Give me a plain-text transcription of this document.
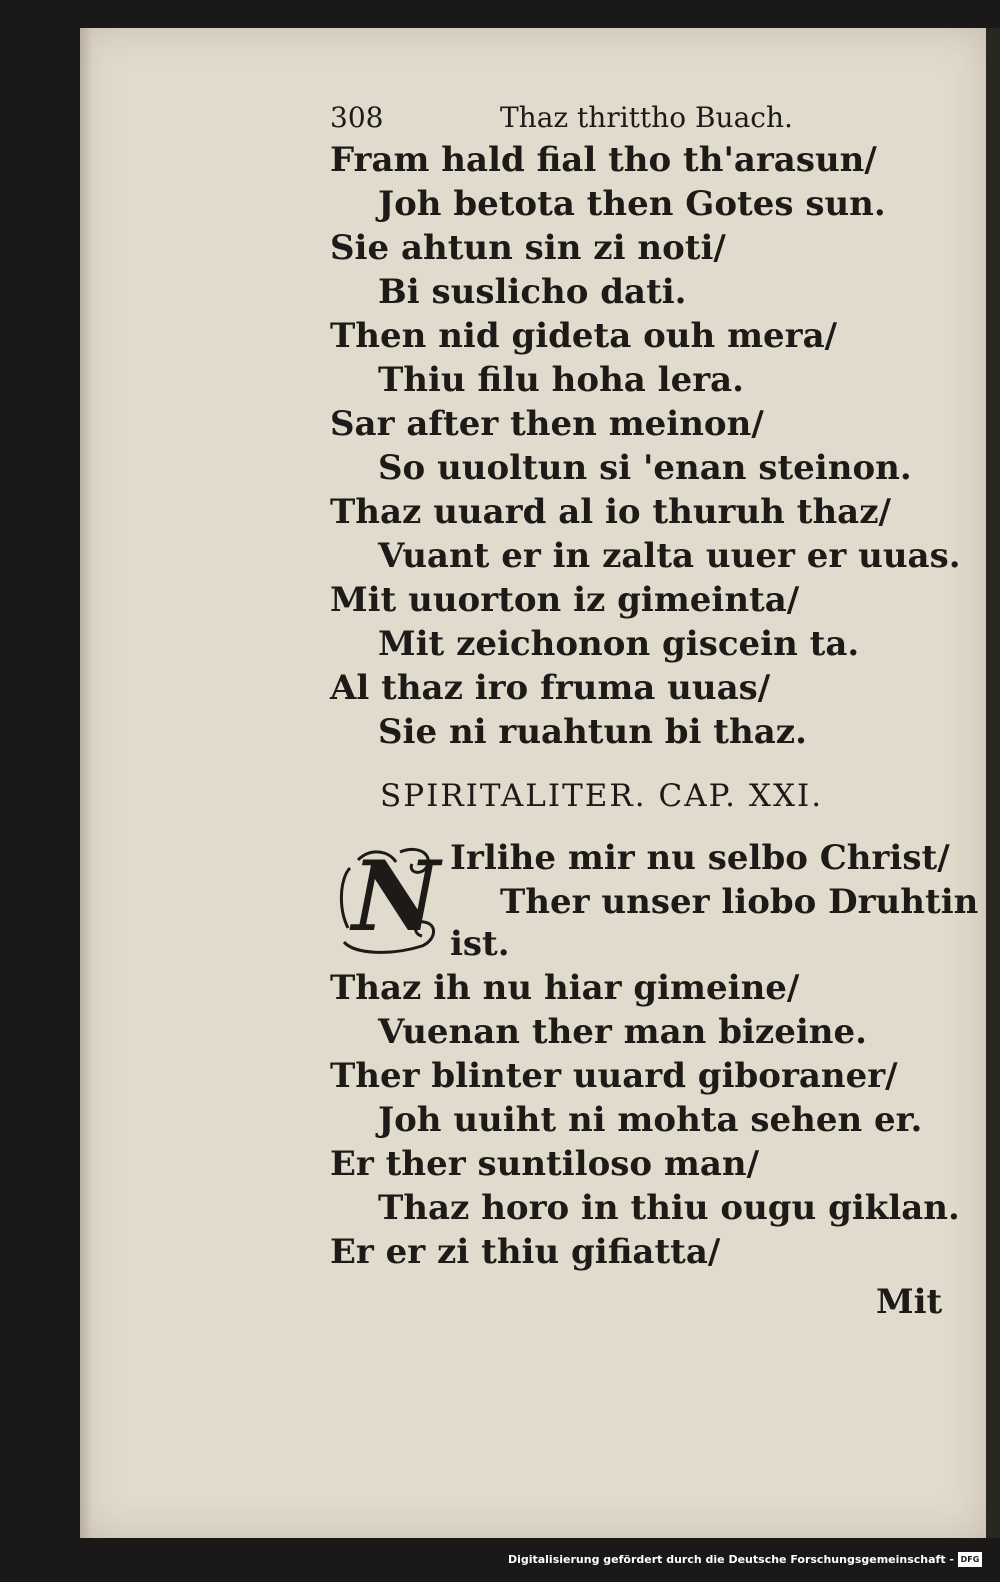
308	Thaz thrittho Buach.
Fram hald fial tho th'arasun/
Joh betota then Gotes sun.
Sie ahtun sin zi noti/
Bi suslicho dati.
Then nid gideta ouh mera/
Thiu filu hoha lera.
Sar after then meinon/
So uuoltun si 'enan steinon.
Thaz uuard al io thuruh thaz/
Vuant er in zalta uuer er uuas.
Mit uuorton iz gimeinta/
Mit zeichonon giscein ta.
Al thaz iro fruma uuas/
Sie ni ruahtun bi thaz.
SPIRITALITER. CAP. XXI.
N Irlihe mir nu selbo Christ/
Ther unser liobo Druhtin
ist.
Thaz ih nu hiar gimeine/
Vuenan ther man bizeine.
Ther blinter uuard giboraner/
Joh uuiht ni mohta sehen er.
Er ther suntiloso man/
Thaz horo in thiu ougu giklan.
Er er zi thiu gifiatta/
Mit
Digitalisierung gefördert durch die Deutsche Forschungsgemeinschaft - DFG
